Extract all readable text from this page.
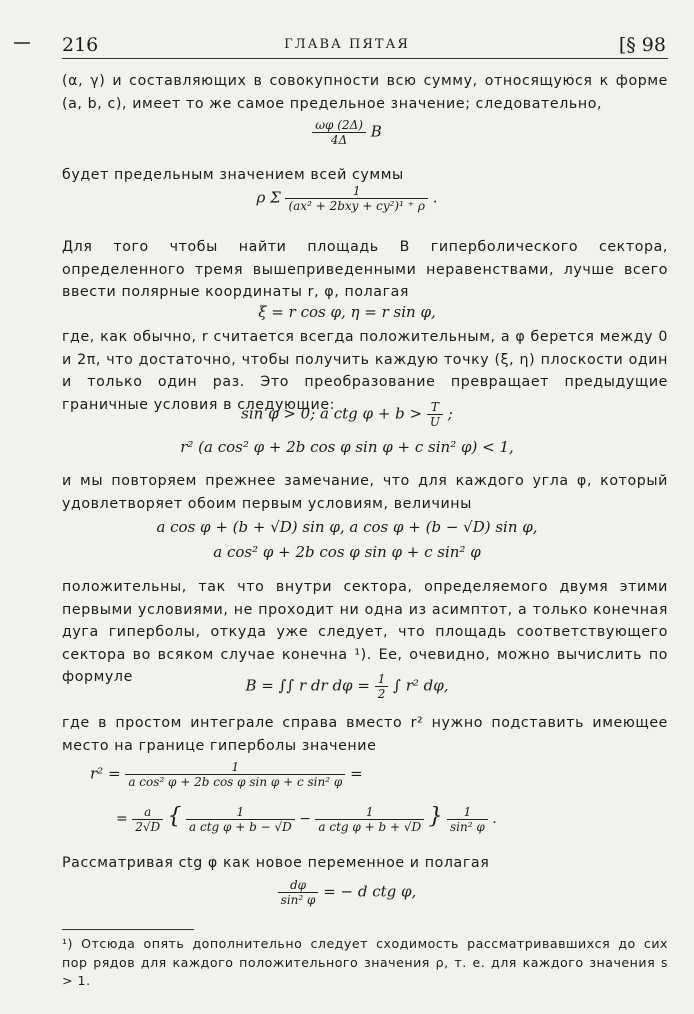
216	ГЛАВА ПЯТАЯ	[§ 98

(α, γ) и составляющих в совокупности всю сумму, относящуюся к форме (a, b, c), имеет то же самое предельное значение; следовательно,

$\frac{\omega\varphi (2\Delta)}{4\Delta}$ B

будет предельным значением всей суммы

ρ Σ $\frac{1}{\text{(ax² + 2bxy + cy²)¹ ⁺ ρ}}$ .

Для того чтобы найти площадь B гиперболического сектора, определенного тремя вышеприведенными неравенствами, лучше всего ввести полярные координаты r, φ, полагая

ξ = r cos φ, η = r sin φ,

где, как обычно, r считается всегда положительным, а φ берется между 0 и 2π, что достаточно, чтобы получить каждую точку (ξ, η) плоскости один и только один раз. Это преобразование превращает предыдущие граничные условия в следующие:

sin φ > 0; a ctg $\varphi + b > \frac{T}{U}$ ;
r² (a cos² φ + 2b cos φ sin φ + c sin² φ) < 1,

и мы повторяем прежнее замечание, что для каждого угла φ, который удовлетворяет обоим первым условиям, величины

a cos φ + (b + √D) sin φ, a cos φ + (b − √D) sin φ,
a cos² φ + 2b cos φ sin φ + c sin² φ

положительны, так что внутри сектора, определяемого двумя этими первыми условиями, не проходит ни одна из асимптот, а только конечная дуга гиперболы, откуда уже следует, что площадь соответствующего сектора во всяком случае конечна ¹). Ее, очевидно, можно вычислить по формуле	B = ∫∫ r dr $d\varphi = \frac{1}{2}$ ∫ r² dφ,

где в простом интеграле справа вместо r² нужно подставить имеющее место на границе гиперболы значение

$r^2 = \frac{1}{\text{a cos² φ + 2b cos φ sin φ + c sin² φ}}$ =
= $\frac{a}{2√D}$ { $\frac{1}{\text{a ctg φ + b − √D}} - \frac{1}{\text{a ctg φ + b + √D}}$ } $\frac{1}{\text{sin² φ}}$ .

Рассматривая ctg φ как новое переменное и полагая

$\frac{d\varphi}{\text{sin² φ}}$ = − d ctg φ,
¹) Отсюда опять дополнительно следует сходимость рассматривавшихся до сих пор рядов для каждого положительного значения ρ, т. е. для каждого значения s > 1.
